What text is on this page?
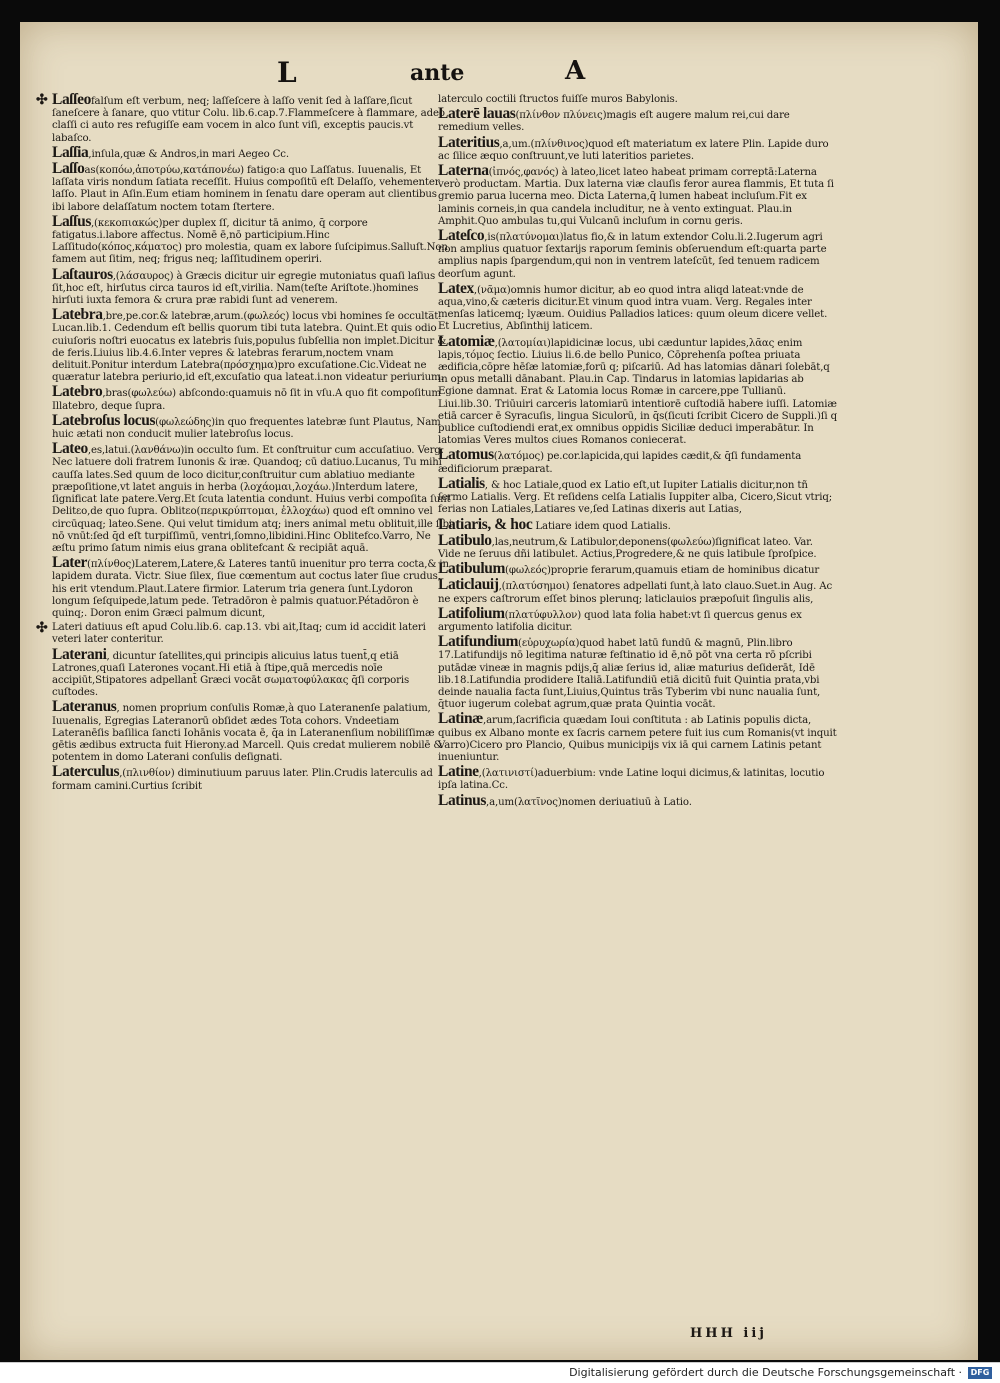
L	ante	A
✣ Laſſeofalſum eſt verbum, neq; laſſeſcere à laſſo venit ſed à laſſare,ſicut ſaneſcere à ſanare, quo vtitur Colu. lib.6.cap.7.Flammeſcere à flammare, adeo claſſi ci auto res refugiſſe eam vocem in alco ſunt viſi, exceptis paucis.vt labaſco.
Laſſia,inſula,quæ & Andros,in mari Aegeo Cc.
Laſſoas(κοπόω,ἀποτρύω,κατάπονέω) fatigo:a quo Laſſatus. Iuuenalis, Et laſſata viris nondum ſatiata receſſit. Huius compoſitū eſt Delaſſo, vehementer laſſo. Plaut in Aſin.Eum etiam hominem in ſenatu dare operam aut clientibus ibi labore delaſſatum noctem totam ſtertere.
Laſſus,(κεκοπιακώς)per duplex ſſ, dicitur tā animo, q̄ corpore fatigatus.i.labore affectus. Nomē ē,nō participium.Hinc Laſſitudo(κόπος,κάματος) pro molestia, quam ex labore ſuſcipimus.Salluſt.Non famem aut ſitim, neq; frigus neq; laſſitudinem operiri.
Laſtauros,(λάσαυρος) à Græcis dicitur uir egregie mutoniatus quaſi laſius ſit,hoc eſt, hirſutus circa tauros id eſt,virilia. Nam(teſte Ariſtote.)homines hirſuti iuxta femora & crura præ rabidi ſunt ad venerem.
Latebra,bre,pe.cor.& latebræ,arum.(φωλεός) locus vbi homines ſe occulta̅t. Lucan.lib.1. Cedendum eſt bellis quorum tibi tuta latebra. Quint.Et quis odio cuiuſoris noſtri euocatus ex latebris ſuis,populus ſubſellia non implet.Dicitur & de feris.Liuius lib.4.6.Inter vepres & latebras ferarum,noctem vnam delituit.Ponitur interdum Latebra(πρόσχημα)pro excuſatione.Cic.Videat ne quæratur latebra periurio,id eſt,excuſatio qua lateat.i.non videatur periurium.
Latebro,bras(φωλεύω) abſcondo:quamuis nō ſit in vſu.A quo fit compoſitum Illatebro, deque ſupra.
Latebroſus locus(φωλεώδης)in quo frequentes latebræ ſunt Plautus, Nam huic ætati non conducit mulier latebroſus locus.
Lateo,es,latui.(λανθάνω)in occulto ſum. Et conſtruitur cum accuſatiuo. Verg. Nec latuere doli fratrem Iunonis & iræ. Quandoq; cū datiuo.Lucanus, Tu mihi cauſſa lates.Sed quum de loco dicitur,conſtruitur cum ablatiuo mediante præpoſitione,vt latet anguis in herba (λοχάομαι,λοχάω.)Interdum latere, ſignificat late patere.Verg.Et ſcuta latentia condunt. Huius verbi compoſita ſunt Delitεo,de quo ſupra. Oblitεo(περικρύπτομαι, ἐλλοχάω) quod eſt omnino vel circūquaq; lateo.Sene. Qui velut timidum atq; iners animal metu oblituit,ille ſibi nō vnūt:ſed q̄d eſt turpiſſimū, ventri,ſomno,libidini.Hinc Oblitefco.Varro, Ne æſtu primo ſatum nimis eius grana oblitefcant & recipiāt aquā.
Later(πλίνθος)Laterem,Latere,& Lateres tantū inuenitur pro terra cocta,& in lapidem durata. Victr. Siue ſilex, ſiue cœmentum aut coctus later ſiue crudus, his erit vtendum.Plaut.Latere firmior. Laterum tria genera ſunt.Lydoron longum ſeſquipede,latum pede. Tetradōron è palmis quatuor.Pétadōron è quinq;. Doron enim Græci palmum dicunt,
✣ Lateri datiuus eſt apud Colu.lib.6. cap.13. vbi ait,Itaq; cum id accidit lateri veteri later conteritur.
Laterani, dicuntur ſatellites,qui principis alicuius latus tuent̄,q etiā Latrones,quaſi Laterones vocant.Hi etiā à ſtipe,quā mercedis noīe accipiūt,Stipatores adpellant̄ Græci vocāt σωματοφύλακας q̄ſi corporis cuſtodes.
Lateranus, nomen proprium conſulis Romæ,à quo Lateranenſe palatium, Iuuenalis, Egregias Lateranorū obſidet ædes Tota cohors. Vndeetiam Lateranēſis baſilica ſancti Iohānis vocata ē, q̄a in Lateranenſium nobiliſſimæ gētis ædibus extructa fuit Hierony.ad Marcell. Quis credat mulierem nobilē & potentem in domo Laterani conſulis deſignati.
Laterculus,(πλινθίον) diminutiuum paruus later. Plin.Crudis laterculis ad formam camini.Curtius ſcribit
laterculo coctili ſtructos fuiſſe muros Babylonis.
Laterē lauas(πλίνθον πλύνεις)magis eſt augere malum rei,cui dare remedium velles.
Lateritius,a,um.(πλίνθινος)quod eſt materiatum ex latere Plin. Lapide duro ac ſilice æquo conſtruunt,ve luti lateritios parietes.
Laterna(ἰπνός,φανός) à lateo,licet lateo habeat primam correptā:Laterna verò productam. Martia. Dux laterna viæ clauſis feror aurea flammis, Et tuta ſi gremio parua lucerna meo. Dicta Laterna,q̄ lumen habeat incluſum.Fit ex laminis corneis,in qua candela includitur, ne à vento extinguat. Plau.in Amphit.Quo ambulas tu,qui Vulcanū incluſum in cornu geris.
Lateſco,is(πλατύνομαι)latus fio,& in latum extendor Colu.li.2.Iugerum agri non amplius quatuor ſextarijs raporum ſeminis obſeruendum eſt:quarta parte amplius napis ſpargendum,qui non in ventrem lateſcūt, ſed tenuem radicem deorſum agunt.
Latex,(νᾶμα)omnis humor dicitur, ab eo quod intra aliqd lateat:vnde de aqua,vino,& cæteris dicitur.Et vinum quod intra vuam. Verg. Regales inter menſas laticemq; lyæum. Ouidius Palladios latices: quum oleum dicere vellet. Et Lucretius, Abſinthij laticem.
Latomiæ,(λατομίαι)lapidicinæ locus, ubi cæduntur lapides,λᾶας enim lapis,τόμος ſectio. Liuius li.6.de bello Punico, Cōprehenſa poſtea priuata ædificia,cōpre hēſæ latomiæ,forū q; piſcariū. Ad has latomias dānari ſolebāt,q in opus metalli dānabant. Plau.in Cap. Tindarus in latomias lapidarias ab Egione damnat. Erat & Latomia locus Romæ in carcere,ppe Tullianū. Liui.lib.30. Triūuiri carceris latomiarū intentiorē cuſtodiā habere iuſſi. Latomiæ etiā carcer ē Syracuſis, lingua Siculorū, in q̄s(ſicuti ſcribit Cicero de Suppli.)ſi q publice cuſtodiendi erat,ex omnibus oppidis Siciliæ deduci imperabātur. In latomias Veres multos ciues Romanos coniecerat.
Latomus(λατόμος) pe.cor.lapicida,qui lapides cædit,& q̄ſi fundamenta ædificiorum præparat.
Latialis, & hoc Latiale,quod ex Latio eſt,ut Iupiter Latialis dicitur,non tñ ſermo Latialis. Verg. Et reſidens celſa Latialis Iuppiter alba, Cicero,Sicut vtriq; ferias non Latiales,Latiares ve,ſed Latinas dixeris aut Latias,
Latiaris, & hoc Latiare idem quod Latialis.
Latibulo,las,neutrum,& Latibulor,deponens(φωλεύω)ſignificat lateo. Var. Vide ne ſeruus dñi latibulet. Actius,Progredere,& ne quis latibule ſproſpice.
Latibulum(φωλεός)proprie ferarum,quamuis etiam de hominibus dicatur
Laticlauij,(πλατύσημοι) ſenatores adpellati ſunt,à lato clauo.Suet.in Aug. Ac ne expers caſtrorum eſſet binos plerunq; laticlauios præpoſuit ſingulis alis,
Latifolium(πλατύφυλλον) quod lata folia habet:vt ſi quercus genus ex argumento latifolia dicitur.
Latifundium(εὐρυχωρία)quod habet latū fundū & magnū, Plin.libro 17.Latifundijs nō legitima naturæ feſtinatio id ē,nō pōt vna certa rō pſcribi putādæ vineæ in magnis pdijs,q̄ aliæ ſerius id, aliæ maturius deſiderāt, Idē lib.18.Latifundia prodidere Italiā.Latifundiū etiā dicitū fuit Quintia prata,vbi deinde naualia facta ſunt,Liuius,Quintus trās Tyberim vbi nunc naualia ſunt, q̄tuor iugerum colebat agrum,quæ prata Quintia vocāt.
Latinæ,arum,ſacrificia quædam Ioui conſtituta : ab Latinis populis dicta, quibus ex Albano monte ex ſacris carnem petere fuit ius cum Romanis(vt inquit Varro)Cicero pro Plancio, Quibus municipijs vix iā qui carnem Latinis petant inueniuntur.
Latine,(λατινιστί)aduerbium: vnde Latine loqui dicimus,& latinitas, locutio ipſa latina.Cc.
Latinus,a,um(λατῖνος)nomen deriuatiuū à Latio.
HHH iij
Digitalisierung gefördert durch die Deutsche Forschungsgemeinschaft ·	DFG
